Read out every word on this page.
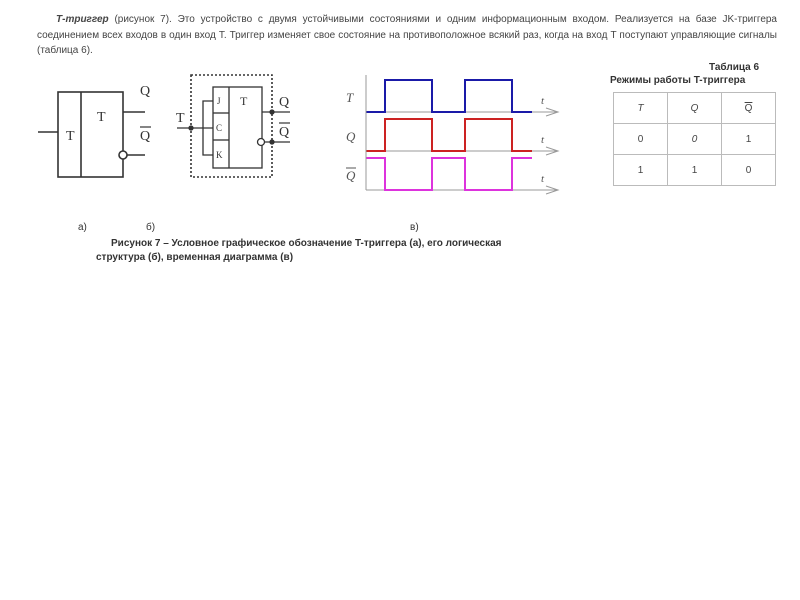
Т-триггер (рисунок 7). Это устройство с двумя устойчивыми состояниями и одним информационным входом. Реализуется на базе JK-триггера соединением всех входов в один вход T. Триггер изменяет свое состояние на противоположное всякий раз, когда на вход T поступают управляющие сигналы (таблица 6).
T
T
Q
Q
T
J
C
K
T Q
Q
T	t
Q	t
Q	t
Таблица 6
Режимы работы T-триггера
T	Q	$\overline{Q}$
0	0	1
1	1	0
а)	б)	в)
Рисунок 7 – Условное графическое обозначение T-триггера (а), его логическая
структура (б), временная диаграмма (в)
